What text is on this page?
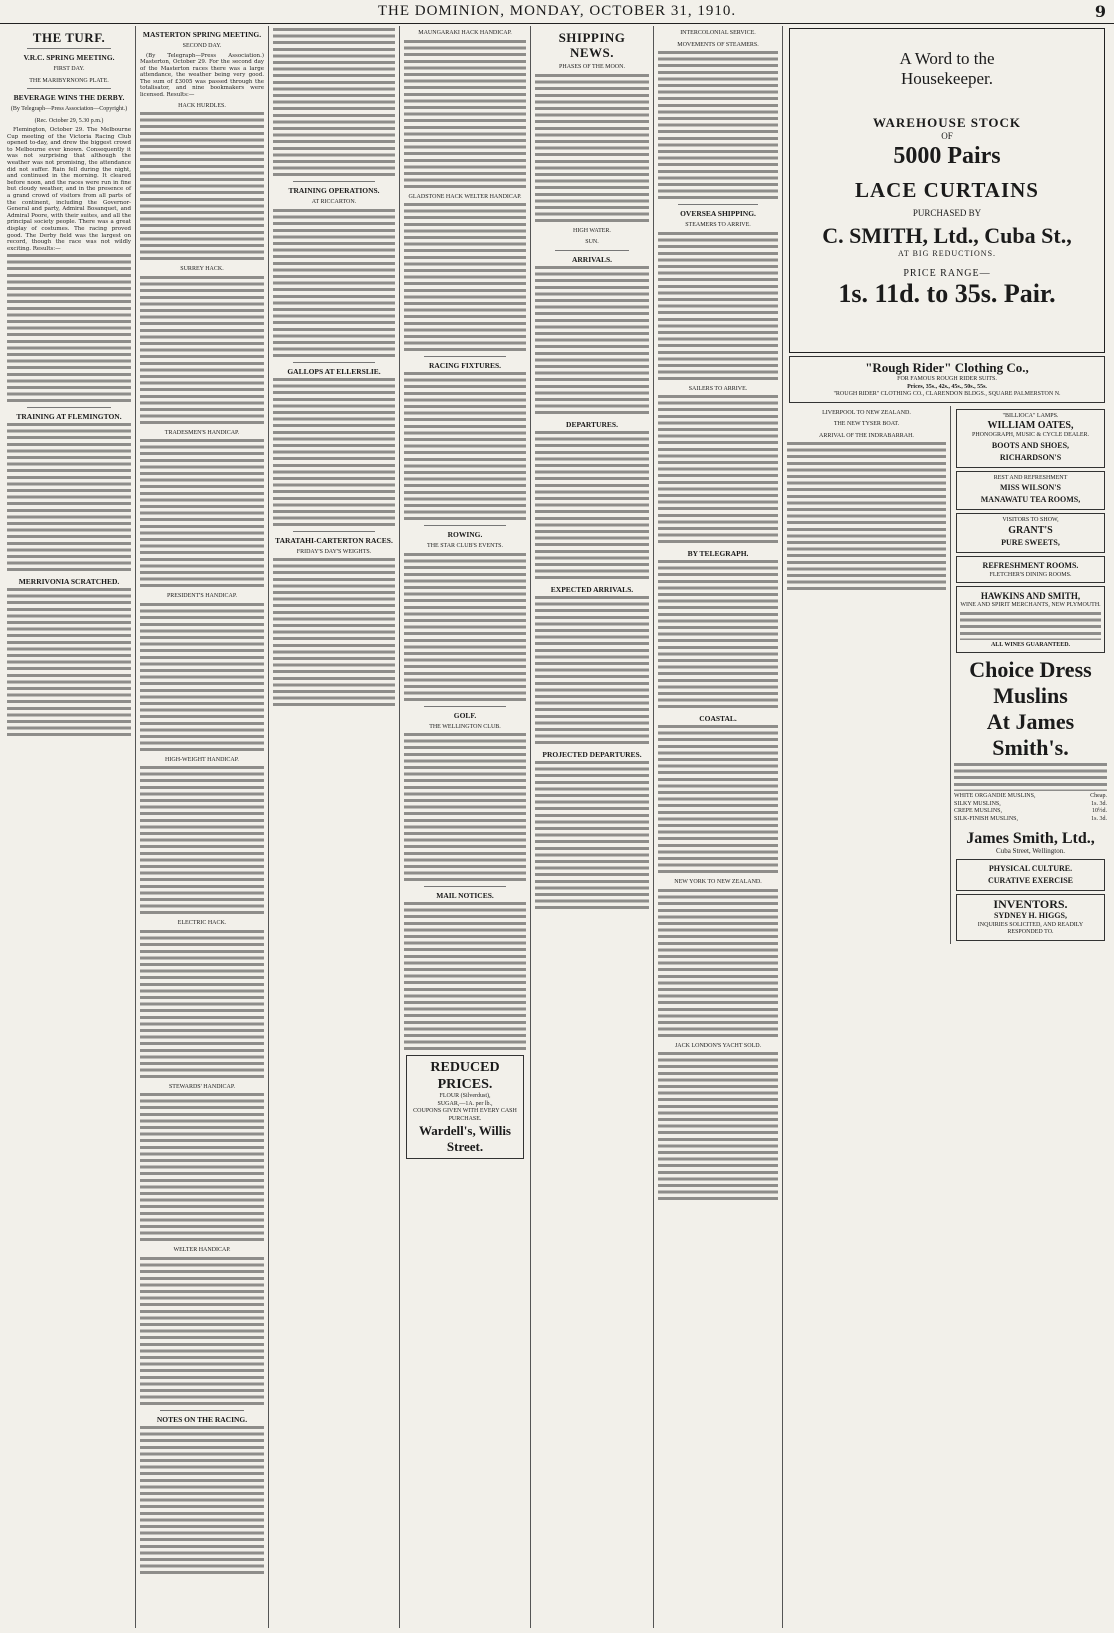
THE DOMINION, MONDAY, OCTOBER 31, 1910.	9
THE TURF.
V.R.C. SPRING MEETING.
FIRST DAY.
THE MARIBYRNONG PLATE.
BEVERAGE WINS THE DERBY.
(By Telegraph—Press Association—Copyright.)
(Rec. October 29, 5.30 p.m.)
Flemington, October 29. The Melbourne Cup meeting of the Victoria Racing Club opened to-day, and drew the biggest crowd to Melbourne ever known. Consequently it was not surprising that although the weather was not promising, the attendance did not suffer. Rain fell during the night, and continued in the morning. It cleared before noon, and the races were run in fine but cloudy weather, and in the presence of a grand crowd of visitors from all parts of the continent, including the Governor-General and party, Admiral Bosanquet, and Admiral Poore, with their suites, and all the principal society people. There was a great display of costumes. The racing proved good. The Derby field was the largest on record, though the race was not wildly exciting. Results:—
TRAINING AT FLEMINGTON.
MERRIVONIA SCRATCHED.
MASTERTON SPRING MEETING.
SECOND DAY.
(By Telegraph—Press Association.) Masterton, October 29. For the second day of the Masterton races there was a large attendance, the weather being very good. The sum of £3005 was passed through the totalisator, and nine bookmakers were licensed. Results:—
HACK HURDLES.
SURREY HACK.
TRADESMEN'S HANDICAP.
PRESIDENT'S HANDICAP.
HIGH-WEIGHT HANDICAP.
ELECTRIC HACK.
STEWARDS' HANDICAP.
WELTER HANDICAP.
NOTES ON THE RACING.
TRAINING OPERATIONS.
AT RICCARTON.
GALLOPS AT ELLERSLIE.
TARATAHI-CARTERTON RACES.
FRIDAY'S DAY'S WEIGHTS.
MAUNGARAKI HACK HANDICAP.
GLADSTONE HACK WELTER HANDICAP.
RACING FIXTURES.
ROWING.
THE STAR CLUB'S EVENTS.
GOLF.
THE WELLINGTON CLUB.
MAIL NOTICES.
REDUCED PRICES.
FLOUR (Silverdust),
SUGAR,—1A. per lb.,
COUPONS GIVEN WITH EVERY CASH PURCHASE.
Wardell's, Willis Street.
SHIPPING NEWS.
PHASES OF THE MOON.
HIGH WATER.
SUN.
ARRIVALS.
DEPARTURES.
EXPECTED ARRIVALS.
PROJECTED DEPARTURES.
INTERCOLONIAL SERVICE.
MOVEMENTS OF STEAMERS.
OVERSEA SHIPPING.
STEAMERS TO ARRIVE.
SAILERS TO ARRIVE.
BY TELEGRAPH.
COASTAL.
NEW YORK TO NEW ZEALAND.
JACK LONDON'S YACHT SOLD.
A Word to the
Housekeeper.
WAREHOUSE STOCK
OF
5000 Pairs
LACE CURTAINS
PURCHASED BY
C. SMITH, Ltd., Cuba St.,
AT BIG REDUCTIONS.
PRICE RANGE—
1s. 11d. to 35s. Pair.
"Rough Rider" Clothing Co.,
FOR FAMOUS ROUGH RIDER SUITS.
Prices, 35s., 42s., 45s., 50s., 55s.
"ROUGH RIDER" CLOTHING CO., CLARENDON BLDGS., SQUARE PALMERSTON N.
LIVERPOOL TO NEW ZEALAND.
THE NEW TYSER BOAT.
ARRIVAL OF THE INDRABARRAH.
"BILLIOCA" LAMPS.
WILLIAM OATES,
PHONOGRAPH, MUSIC & CYCLE DEALER.
BOOTS AND SHOES,
RICHARDSON'S
REST AND REFRESHMENT
MISS WILSON'S
MANAWATU TEA ROOMS,
VISITORS TO SHOW,
GRANT'S
PURE SWEETS,
REFRESHMENT ROOMS.
FLETCHER'S DINING ROOMS.
HAWKINS AND SMITH,
WINE AND SPIRIT MERCHANTS, NEW PLYMOUTH.
ALL WINES GUARANTEED.
Choice Dress Muslins
At James Smith's.
WHITE ORGANDIE MUSLINS,	Cheap.
SILKY MUSLINS,	1s. 3d.
CREPE MUSLINS,	10½d.
SILK-FINISH MUSLINS,	1s. 3d.
James Smith, Ltd.,
Cuba Street, Wellington.
PHYSICAL CULTURE.
CURATIVE EXERCISE
INVENTORS.
SYDNEY H. HIGGS,
INQUIRIES SOLICITED, AND READILY RESPONDED TO.
